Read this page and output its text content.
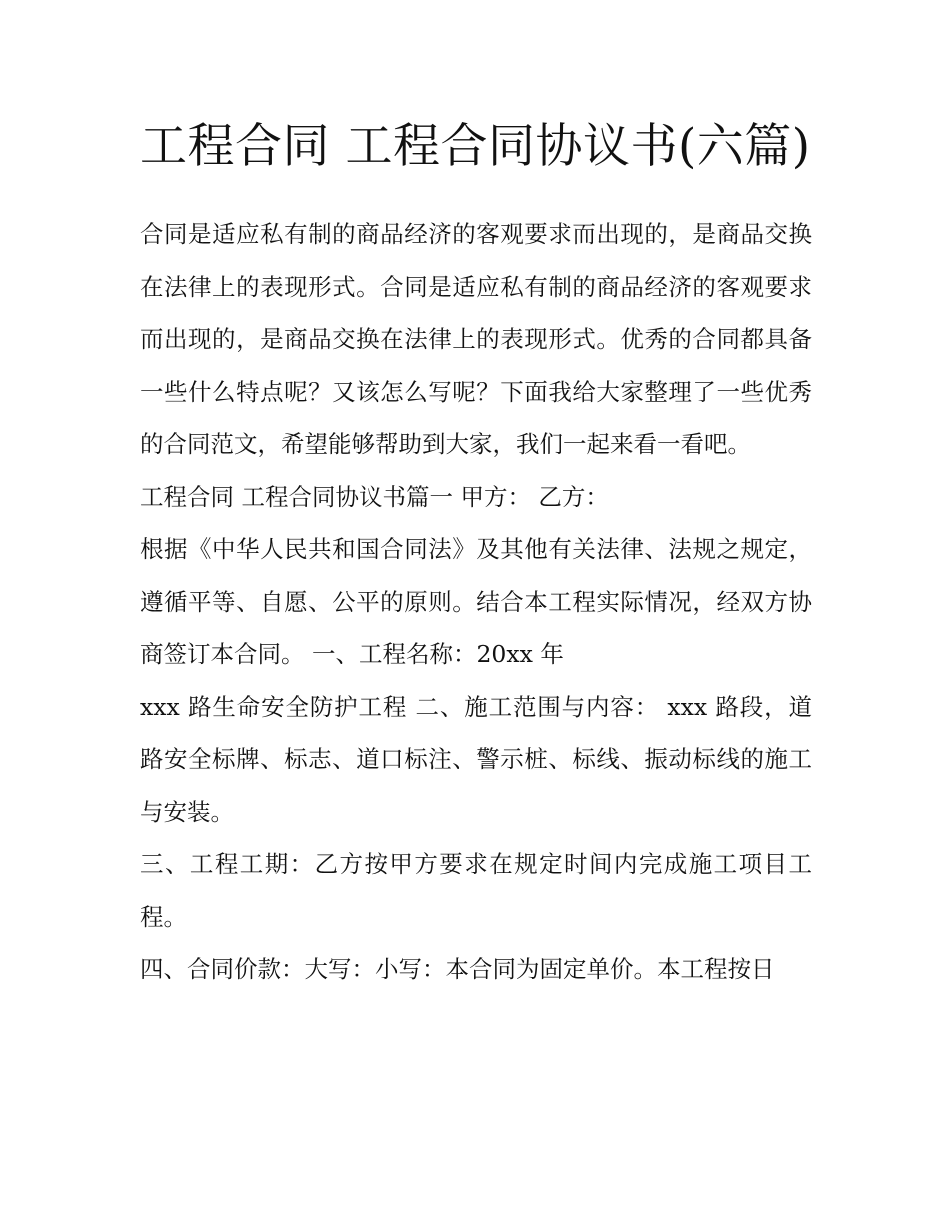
工程合同 工程合同协议书(六篇)

合同是适应私有制的商品经济的客观要求而出现的，是商品交换在法律上的表现形式。合同是适应私有制的商品经济的客观要求而出现的，是商品交换在法律上的表现形式。优秀的合同都具备一些什么特点呢？又该怎么写呢？下面我给大家整理了一些优秀的合同范文，希望能够帮助到大家，我们一起来看一看吧。

工程合同 工程合同协议书篇一 甲方： 乙方：

根据《中华人民共和国合同法》及其他有关法律、法规之规定，遵循平等、自愿、公平的原则。结合本工程实际情况，经双方协商签订本合同。 一、工程名称：20xx 年

xxx 路生命安全防护工程 二、施工范围与内容： xxx 路段，道路安全标牌、标志、道口标注、警示桩、标线、振动标线的施工与安装。

三、工程工期：乙方按甲方要求在规定时间内完成施工项目工程。

四、合同价款：大写：小写：本合同为固定单价。本工程按日
